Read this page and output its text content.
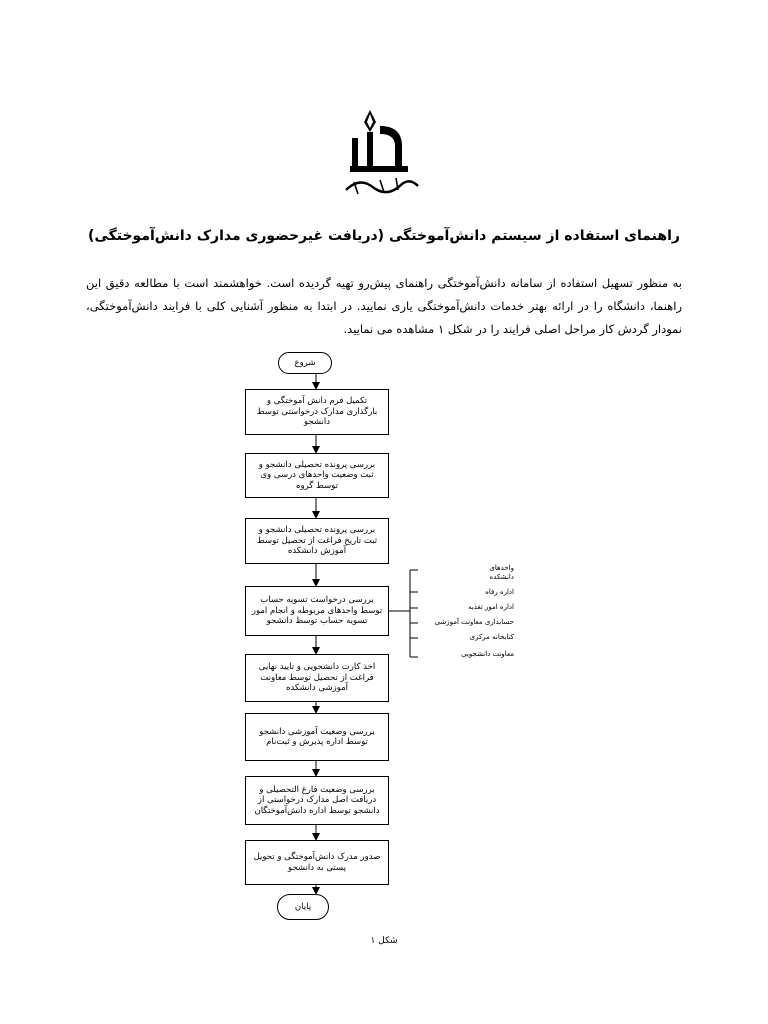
راهنمای استفاده از سیستم دانش‌آموختگی (دریافت غیرحضوری مدارک دانش‌آموختگی)

به منظور تسهیل استفاده از سامانه دانش‌آموختگی راهنمای پیش‌رو تهیه گردیده است. خواهشمند است با مطالعه دقیق این راهنما، دانشگاه را در ارائه بهتر خدمات دانش‌آموختگی یاری نمایید. در ابتدا به منظور آشنایی کلی با فرایند دانش‌آموختگی، نمودار گردش کار مراحل اصلی فرایند را در شکل ۱ مشاهده می نمایید.

شروع
تکمیل فرم دانش آموختگی و بارگذاری مدارک درخواستی توسط دانشجو
بررسی پرونده تحصیلی دانشجو و ثبت وضعیت واحدهای درسی وی توسط گروه
بررسی پرونده تحصیلی دانشجو و ثبت تاریخ فراغت از تحصیل توسط آموزش دانشکده
بررسی درخواست تسویه حساب توسط واحدهای مربوطه و انجام امور تسویه حساب توسط دانشجو
اخذ کارت دانشجویی و تایید نهایی فراغت از تحصیل توسط معاونت آموزشی دانشکده
بررسی وضعیت آموزشی دانشجو توسط اداره پذیرش و ثبت‌نام
بررسی وضعیت فارغ التحصیلی و دریافت اصل مدارک درخواستی از دانشجو توسط اداره دانش‌آموختگان
صدور مدرک دانش‌آموختگی و تحویل پستی به دانشجو
پایان
واحدهای دانشکده
اداره رفاه
اداره امور تغذیه
حسابداری معاونت آموزشی
کتابخانه مرکزی
معاونت دانشجویی
شکل ۱
